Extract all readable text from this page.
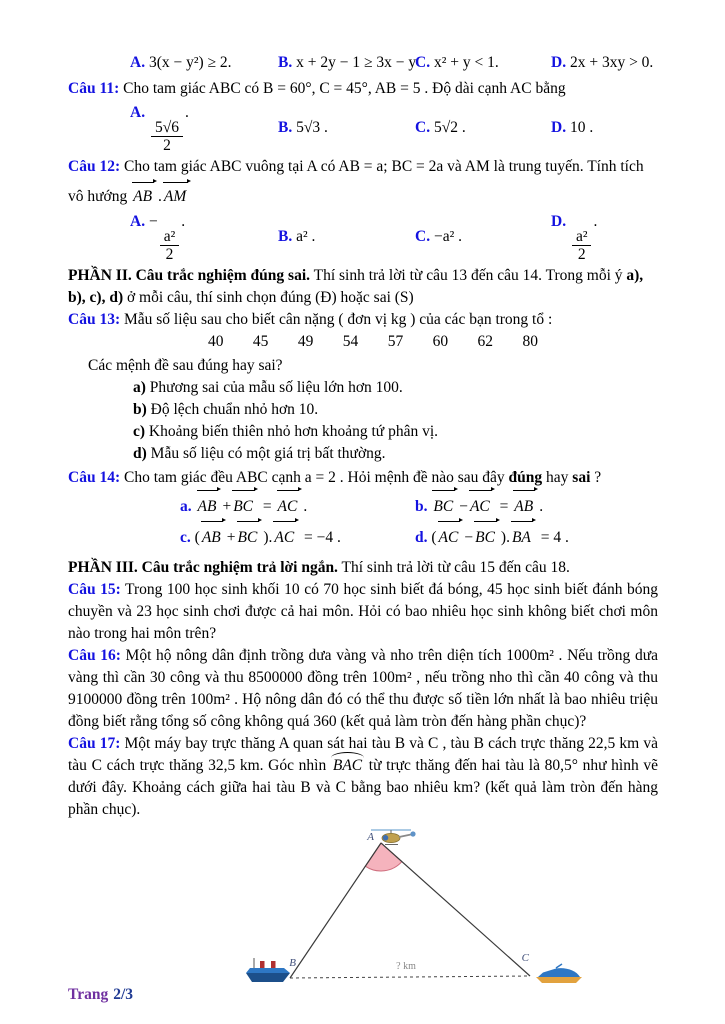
A. 3(x − y²) ≥ 2.	B. x + 2y − 1 ≥ 3x − y
C. x² + y < 1.	D. 2x + 3xy > 0.
Câu 11: Cho tam giác ABC có B = 60°, C = 45°, AB = 5 . Độ dài cạnh AC bằng
A.
$\frac{5√6}{2}$
.
B. 5√3 .	C. 5√2 .	D. 10 .
Câu 12: Cho tam giác ABC vuông tại A có AB = a; BC = 2a và AM là trung tuyến. Tính tích
vô hướng AB . AM
A. −
$\frac{\text{a²}}{2}$
.
B. a² .	C. −a² .
D.
$\frac{\text{a²}}{2}$
.
PHẦN II. Câu trắc nghiệm đúng sai. Thí sinh trả lời từ câu 13 đến câu 14. Trong mỗi ý a),
b), c), d) ở mỗi câu, thí sinh chọn đúng (Đ) hoặc sai (S)
Câu 13: Mẫu số liệu sau cho biết cân nặng ( đơn vị kg ) của các bạn trong tổ :
40 45 49 54 57 60 62 80
Các mệnh đề sau đúng hay sai?
a) Phương sai của mẫu số liệu lớn hơn 100.
b) Độ lệch chuẩn nhỏ hơn 10.
c) Khoảng biến thiên nhỏ hơn khoảng tứ phân vị.
d) Mẫu số liệu có một giá trị bất thường.
Câu 14: Cho tam giác đều ABC cạnh a = 2 . Hỏi mệnh đề nào sau đây đúng hay sai ?
a. AB + BC = AC .	b. BC − AC = AB .
c. ( AB + BC ). AC = −4 .	d. ( AC − BC ). BA = 4 .
PHẦN III. Câu trắc nghiệm trả lời ngắn. Thí sinh trả lời từ câu 15 đến câu 18.
Câu 15: Trong 100 học sinh khối 10 có 70 học sinh biết đá bóng, 45 học sinh biết đánh bóng chuyền và 23 học sinh chơi được cả hai môn. Hỏi có bao nhiêu học sinh không biết chơi môn nào trong hai môn trên?
Câu 16: Một hộ nông dân định trồng dưa vàng và nho trên diện tích 1000m² . Nếu trồng dưa vàng thì cần 30 công và thu 8500000 đồng trên 100m² , nếu trồng nho thì cần 40 công và thu 9100000 đồng trên 100m² . Hộ nông dân đó có thể thu được số tiền lớn nhất là bao nhiêu triệu đồng biết rằng tổng số công không quá 360 (kết quả làm tròn đến hàng phần chục)?
Câu 17: Một máy bay trực thăng A quan sát hai tàu B và C , tàu B cách trực thăng 22,5 km và tàu C cách trực thăng 32,5 km. Góc nhìn BAC từ trực thăng đến hai tàu là 80,5° như hình vẽ dưới đây. Khoảng cách giữa hai tàu B và C bằng bao nhiêu km? (kết quả làm tròn đến hàng phần chục).
A
B	C
? km
Trang 2/3
